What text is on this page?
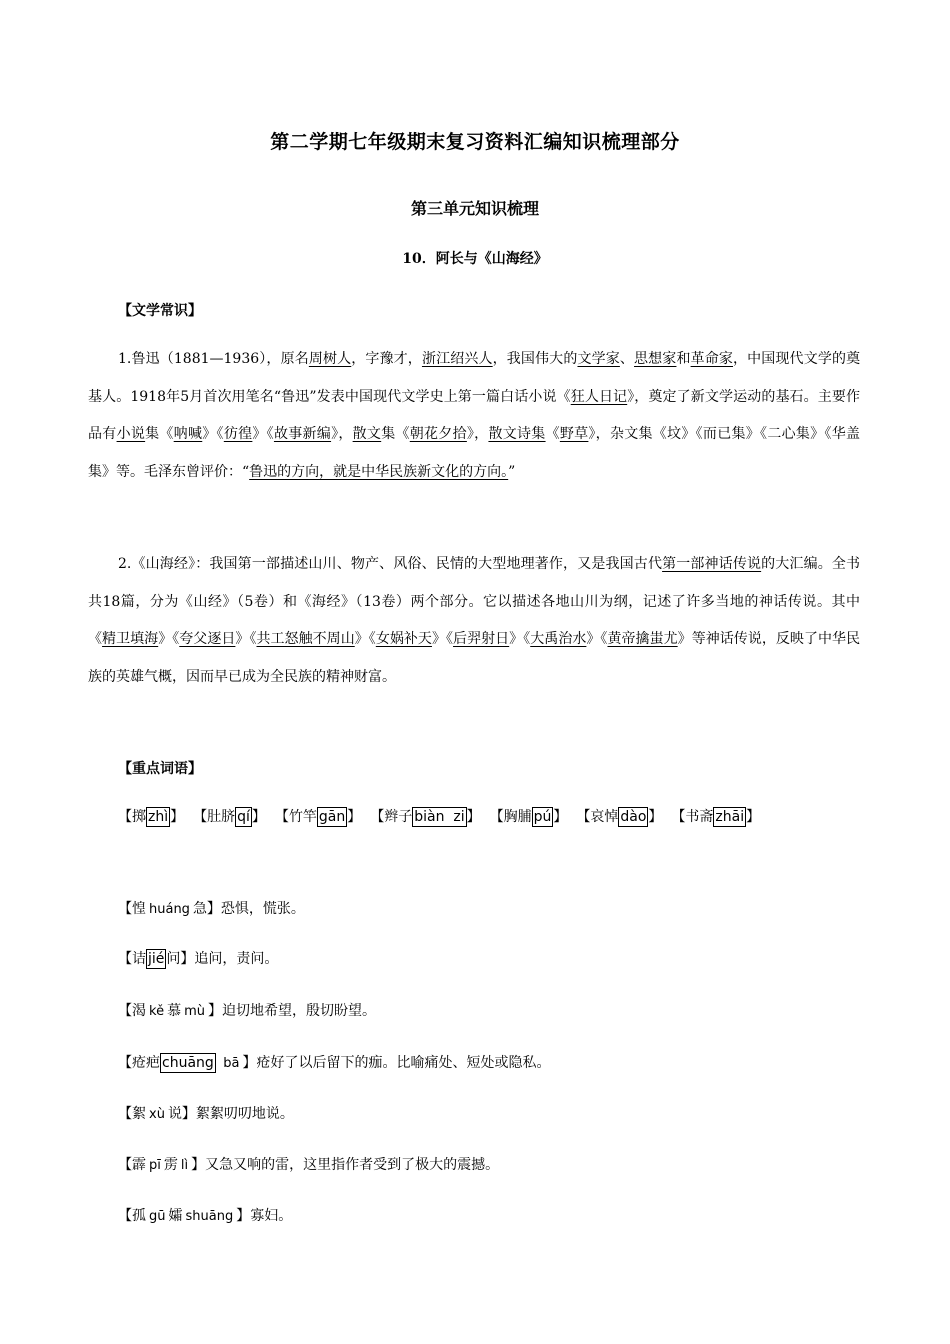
第二学期七年级期末复习资料汇编知识梳理部分
第三单元知识梳理
10．阿长与《山海经》
【文学常识】
1.鲁迅（1881—1936），原名周树人，字豫才，浙江绍兴人，我国伟大的文学家、思想家和革命家，中国现代文学的奠基人。1918年5月首次用笔名“鲁迅”发表中国现代文学史上第一篇白话小说《狂人日记》，奠定了新文学运动的基石。主要作品有小说集《呐喊》《彷徨》《故事新编》，散文集《朝花夕拾》，散文诗集《野草》，杂文集《坟》《而已集》《二心集》《华盖集》等。毛泽东曾评价：“鲁迅的方向，就是中华民族新文化的方向。”
2.《山海经》：我国第一部描述山川、物产、风俗、民情的大型地理著作，又是我国古代第一部神话传说的大汇编。全书共18篇，分为《山经》（5卷）和《海经》（13卷）两个部分。它以描述各地山川为纲，记述了许多当地的神话传说。其中《精卫填海》《夸父逐日》《共工怒触不周山》《女娲补天》《后羿射日》《大禹治水》《黄帝擒蚩尤》等神话传说，反映了中华民族的英雄气概，因而早已成为全民族的精神财富。
【重点词语】
【掷 zhì 】 【肚脐 qí 】 【竹竿 gān 】 【辫子 biàn  zi 】 【胸脯 pú 】 【哀悼 dào 】 【书斋 zhāi 】
【惶 huáng 急】恐惧，慌张。
【诘 jié 问】追问，责问。
【渴 kě 慕 mù 】迫切地希望，殷切盼望。
【疮疤 chuāng bā 】疮好了以后留下的痂。比喻痛处、短处或隐私。
【絮 xù 说】絮絮叨叨地说。
【霹 pī 雳 lì 】又急又响的雷，这里指作者受到了极大的震撼。
【孤 gū 孀 shuāng 】寡妇。
